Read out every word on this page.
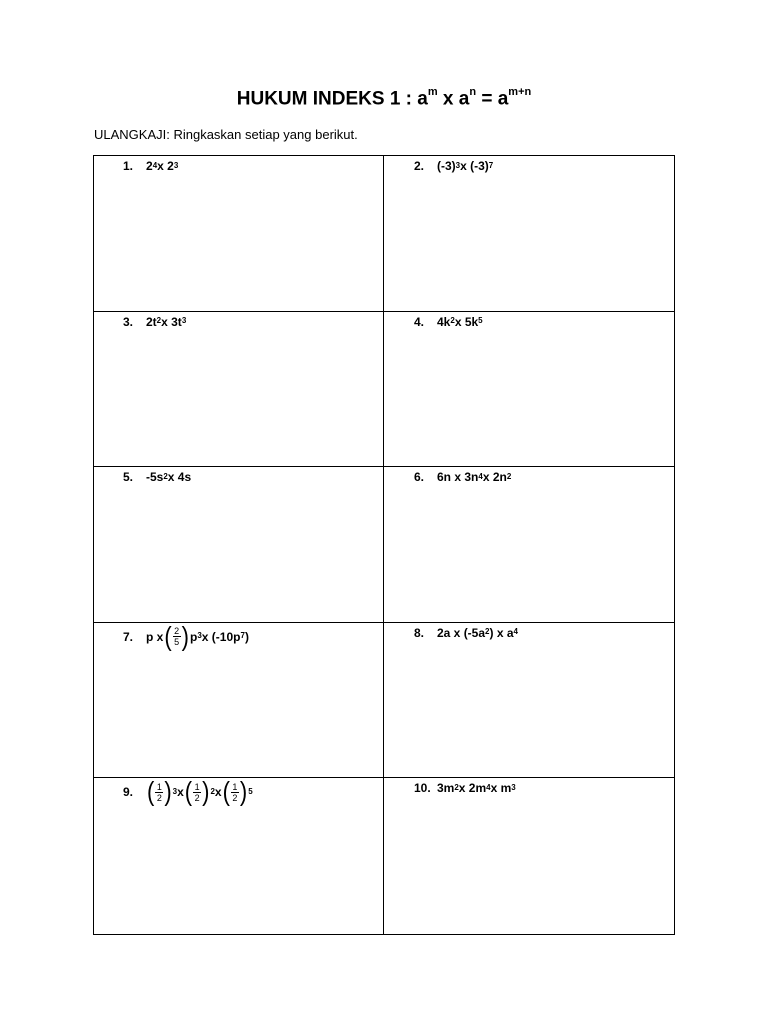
HUKUM INDEKS 1 : $a^m$ x $a^n = a^{m+n}$
ULANGKAJI: Ringkaskan setiap yang berikut.
1.	$2^4$ x $2^3$	2.	$(-3)^3$ x $(-3)^7$
3.	$2t^2$ x $3t^3$	4.	$4k^2$ x $5k^5$
5.	$-5s^2$ x 4s	6.	6n x $3n^4$ x $2n^2$
7.	p x ( $\frac{2}{5}$ ) $p^3$ x ($-10p^7$ )	8.	2a x ($-5a^2$ ) x $a^4$
9. ( $\frac{1}{2} )^3$ x ( $\frac{1}{2} )^2$ x ( $\frac{1}{2} )^5$	10. $3m^2$ x $2m^4$ x $m^3$
